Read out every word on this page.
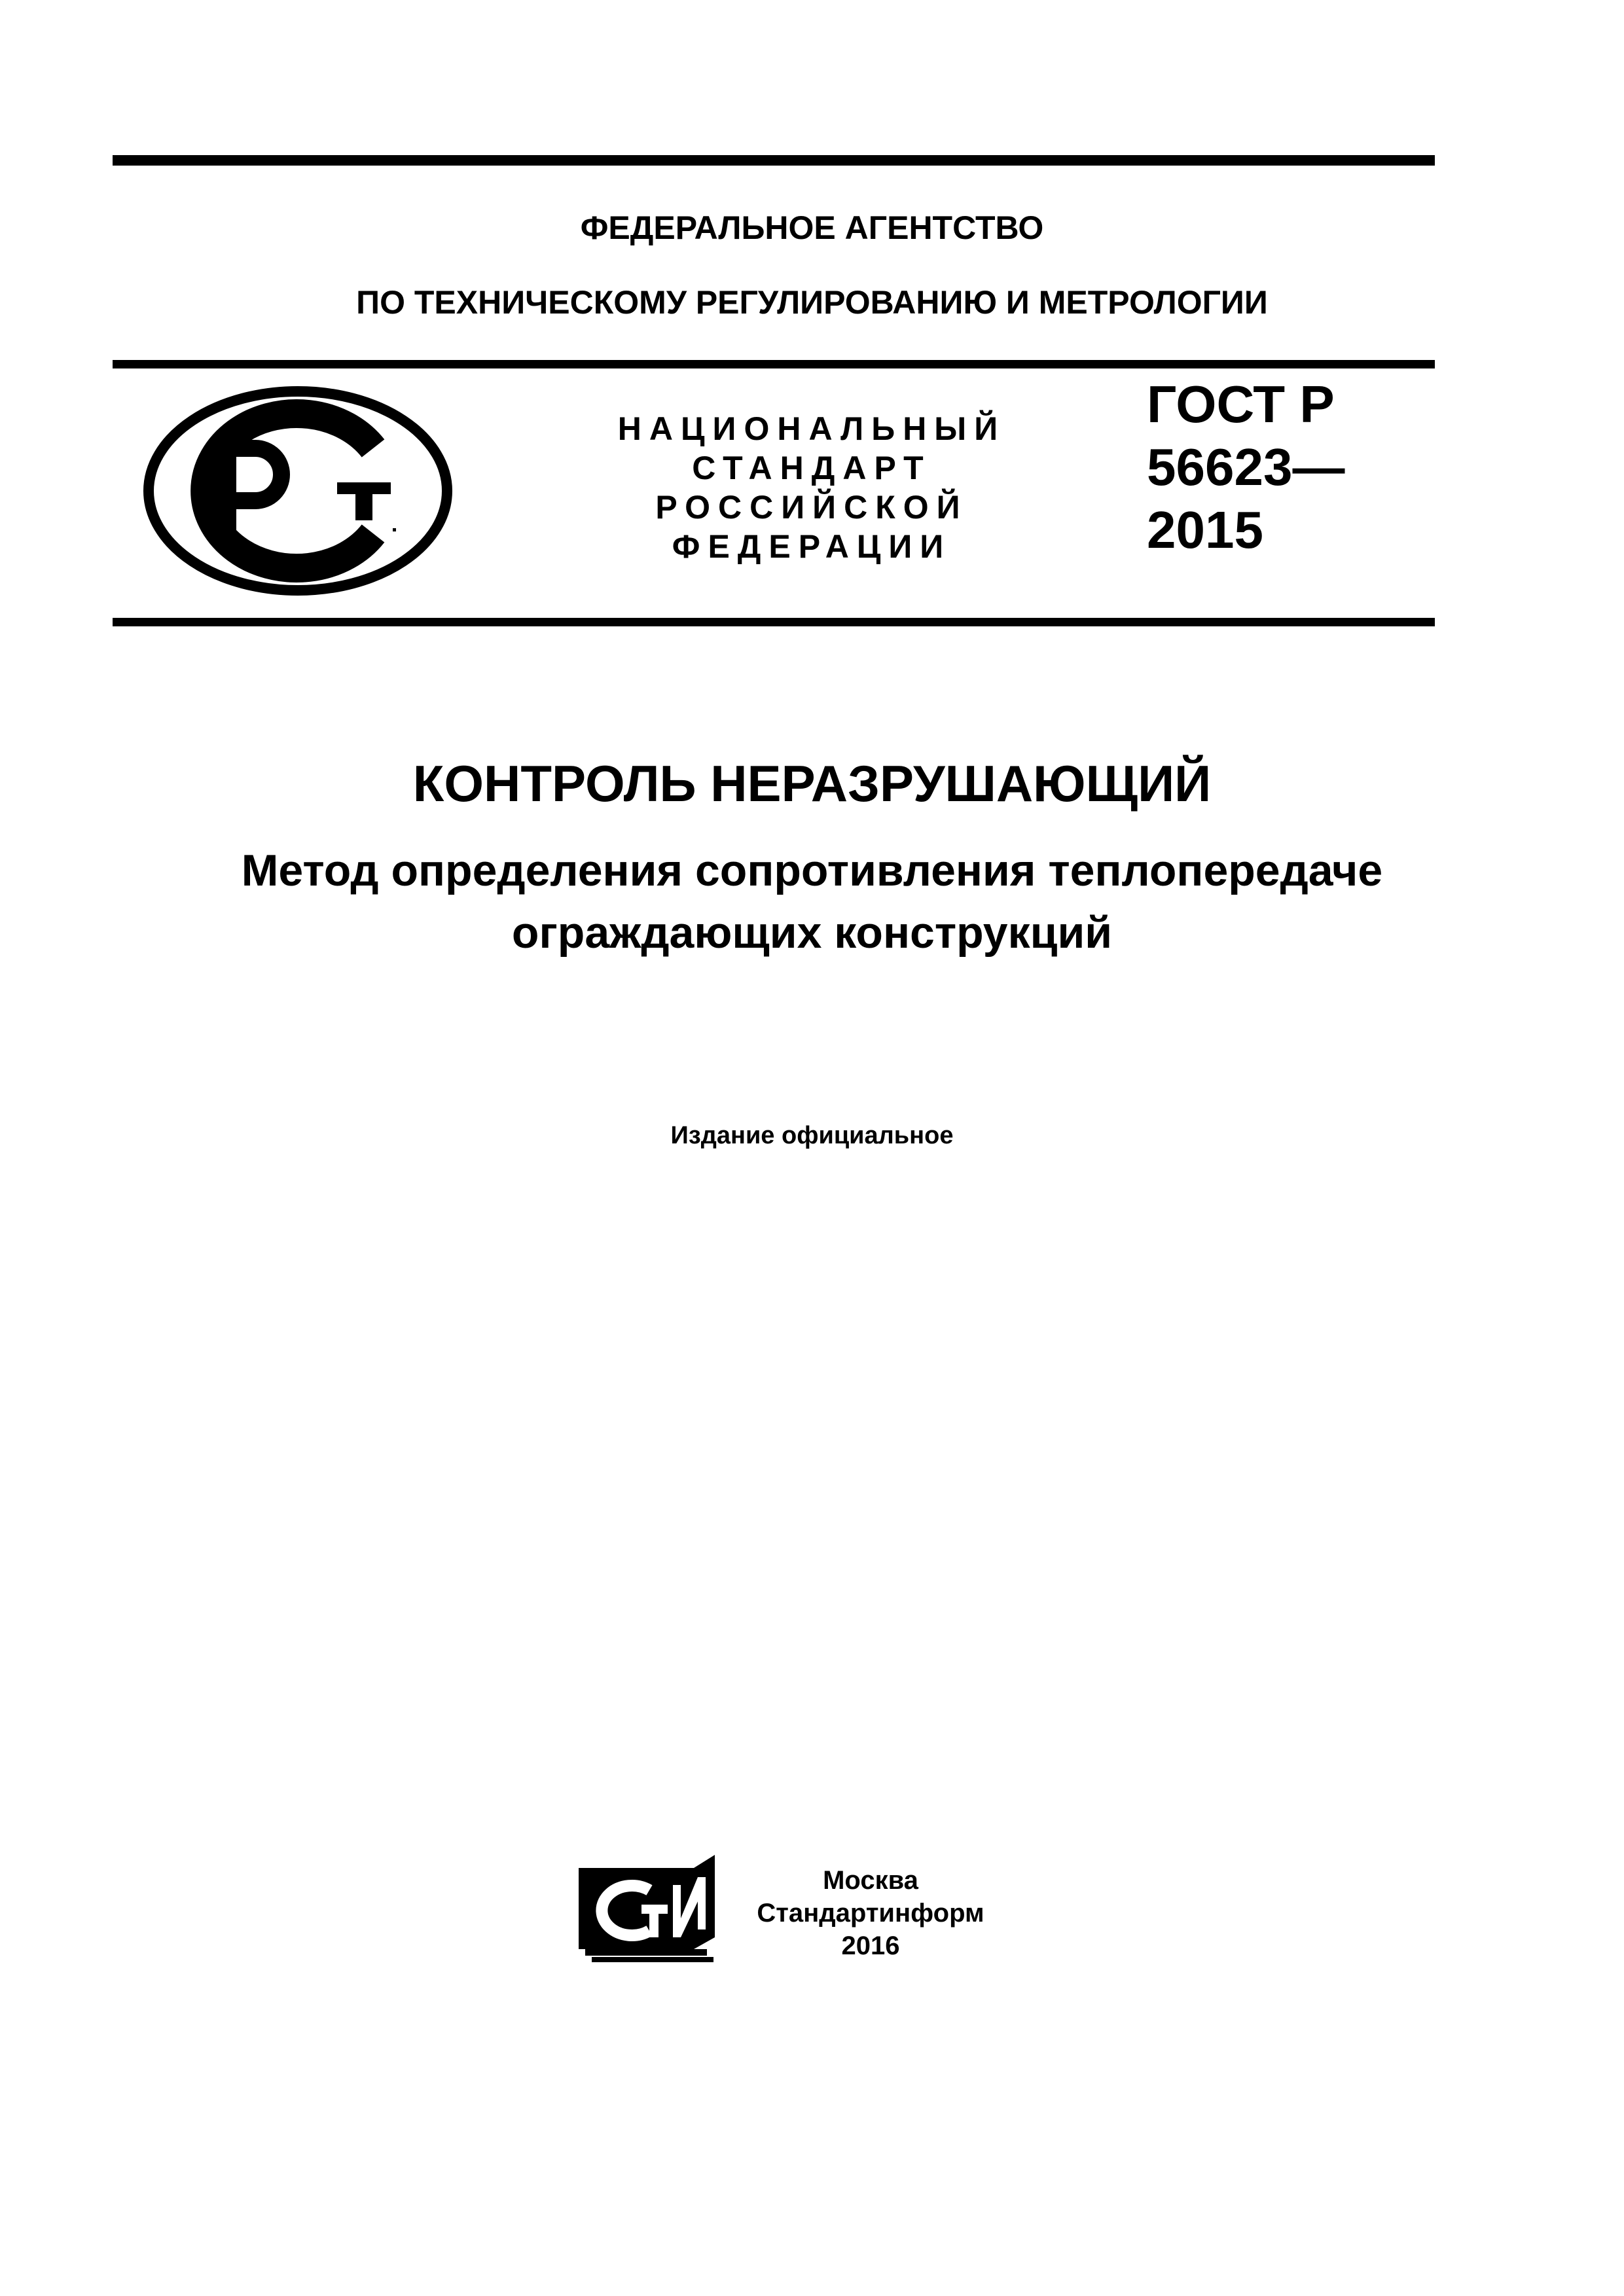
ФЕДЕРАЛЬНОЕ АГЕНТСТВО
ПО ТЕХНИЧЕСКОМУ РЕГУЛИРОВАНИЮ И МЕТРОЛОГИИ
НАЦИОНАЛЬНЫЙ
СТАНДАРТ
РОССИЙСКОЙ
ФЕДЕРАЦИИ
ГОСТ Р
56623—
2015
КОНТРОЛЬ НЕРАЗРУШАЮЩИЙ
Метод определения сопротивления теплопередаче
ограждающих конструкций
Издание официальное
Москва
Стандартинформ
2016
